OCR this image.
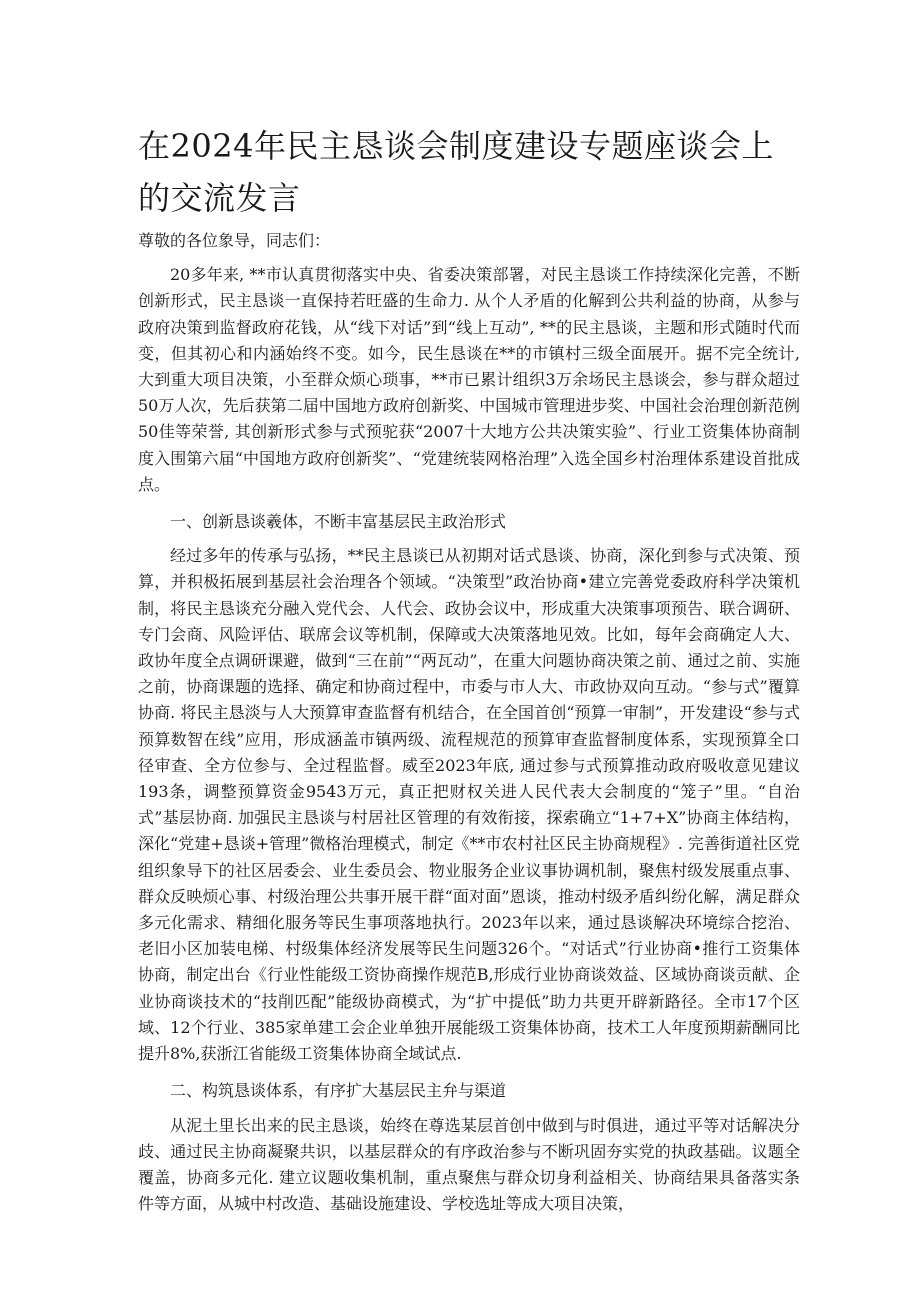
在2024年民主恳谈会制度建设专题座谈会上的交流发言

尊敬的各位象导，同志们：

20多年来, **市认真贯彻落实中央、省委决策部署，对民主恳谈工作持续深化完善，不断创新形式，民主恳谈一直保持若旺盛的生命力. 从个人矛盾的化解到公共利益的协商，从参与政府决策到监督政府花钱，从“线下对话”到“线上互动”, **的民主恳谈，主题和形式随时代而变，但其初心和内涵始终不变。如今，民生恳谈在**的市镇村三级全面展开。据不完全统计, 大到重大项目决策，小至群众烦心琐事，**市已累计组织3万余场民主恳谈会，参与群众超过50万人次，先后获第二届中国地方政府创新奖、中国城市管理进步奖、中国社会治理创新范例50佳等荣誉, 其创新形式参与式预驼获“2007十大地方公共决策实验”、行业工资集体协商制度入围第六届“中国地方政府创新奖”、“党建统装网格治理”入选全国乡村治理体系建设首批成点。

一、创新恳谈羲体，不断丰富基层民主政治形式

经过多年的传承与弘扬，**民主恳谈已从初期对话式恳谈、协商，深化到参与式决策、预算，并积极拓展到基层社会治理各个领域。“决策型”政治协商•建立完善党委政府科学决策机制，将民主恳谈充分融入党代会、人代会、政协会议中，形成重大决策事项预告、联合调研、专门会商、风险评估、联席会议等机制，保障或大决策落地见效。比如，每年会商确定人大、政协年度全点调研课避，做到“三在前”“两瓦动”，在重大问题协商决策之前、通过之前、实施之前，协商课题的选择、确定和协商过程中，市委与市人大、市政协双向互动。“参与式”覆算协商. 将民主恳淡与人大预算审查监督有机结合，在全国首创“预算一审制”，开发建设“参与式预算数智在线”应用，形成涵盖市镇两级、流程规范的预算审查监督制度体系，实现预算全口径审查、全方位参与、全过程监督。威至2023年底, 通过参与式预算推动政府吸收意见建议193条，调整预算资金9543万元，真正把财权关进人民代表大会制度的“笼子”里。“自治式”基层协商. 加强民主恳谈与村居社区管理的有效衔接，探索确立“1+7+X”协商主体结构，深化“党建+恳谈+管理”微格治理模式，制定《**市农村社区民主协商规程》. 完善街道社区党组织象导下的社区居委会、业生委员会、物业服务企业议事协调机制，聚焦村级发展重点事、群众反映烦心事、村级治理公共事开展干群“面对面”恩谈，推动村级矛盾纠纷化解，满足群众多元化需求、精细化服务等民生事项落地执行。2023年以来，通过恳谈解决环境综合挖治、老旧小区加装电梯、村级集体经济发展等民生问题326个。“对话式”行业协商•推行工资集体协商，制定出台《行业性能级工资协商操作规范B,形成行业协商谈效益、区域协商谈贡献、企业协商谈技术的“技削匹配”能级协商模式，为“扩中提低”助力共更开辟新路径。全市17个区域、12个行业、385家单建工会企业单独开展能级工资集体协商，技术工人年度预期薪酬同比提升8%,获浙江省能级工资集体协商全域试点.

二、构筑恳谈体系，有序扩大基层民主弁与渠道

从泥土里长出来的民主恳谈，始终在尊选某层首创中做到与时俱进，通过平等对话解决分歧、通过民主协商凝聚共识，以基层群众的有序政治参与不断巩固夯实党的执政基础。议题全覆盖，协商多元化. 建立议题收集机制，重点聚焦与群众切身利益相关、协商结果具备落实条件等方面，从城中村改造、基础设施建设、学校选址等成大项目决策，
